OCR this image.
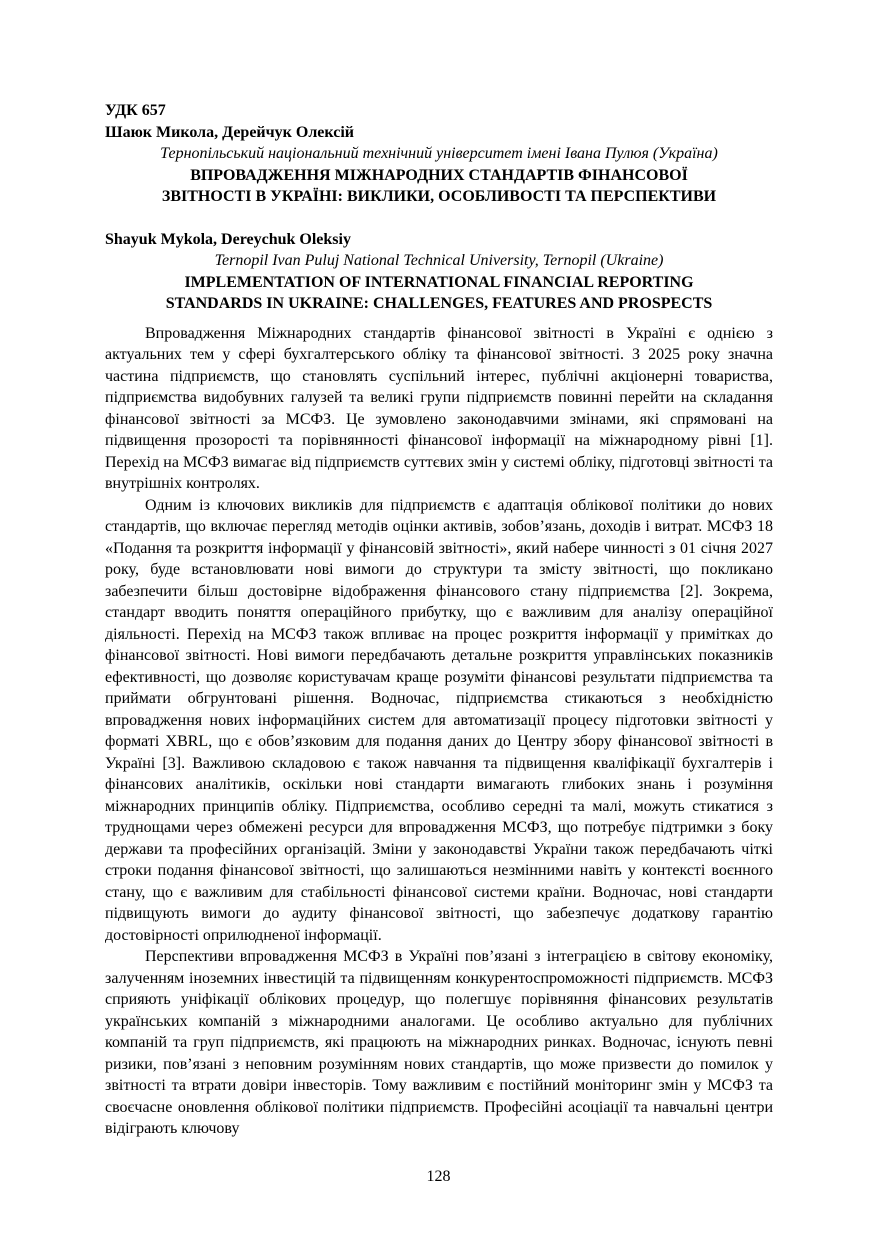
УДК 657
Шаюк Микола, Дерейчук Олексій
Тернопільський національний технічний університет імені Івана Пулюя (Україна)
ВПРОВАДЖЕННЯ МІЖНАРОДНИХ СТАНДАРТІВ ФІНАНСОВОЇ
ЗВІТНОСТІ В УКРАЇНІ: ВИКЛИКИ, ОСОБЛИВОСТІ ТА ПЕРСПЕКТИВИ
Shayuk Mykola, Dereychuk Oleksiy
Ternopil Ivan Puluj National Technical University, Ternopil (Ukraine)
IMPLEMENTATION OF INTERNATIONAL FINANCIAL REPORTING
STANDARDS IN UKRAINE: CHALLENGES, FEATURES AND PROSPECTS

Впровадження Міжнародних стандартів фінансової звітності в Україні є однією з актуальних тем у сфері бухгалтерського обліку та фінансової звітності. З 2025 року значна частина підприємств, що становлять суспільний інтерес, публічні акціонерні товариства, підприємства видобувних галузей та великі групи підприємств повинні перейти на складання фінансової звітності за МСФЗ. Це зумовлено законодавчими змінами, які спрямовані на підвищення прозорості та порівнянності фінансової інформації на міжнародному рівні [1]. Перехід на МСФЗ вимагає від підприємств суттєвих змін у системі обліку, підготовці звітності та внутрішніх контролях.

Одним із ключових викликів для підприємств є адаптація облікової політики до нових стандартів, що включає перегляд методів оцінки активів, зобов’язань, доходів і витрат. МСФЗ 18 «Подання та розкриття інформації у фінансовій звітності», який набере чинності з 01 січня 2027 року, буде встановлювати нові вимоги до структури та змісту звітності, що покликано забезпечити більш достовірне відображення фінансового стану підприємства [2]. Зокрема, стандарт вводить поняття операційного прибутку, що є важливим для аналізу операційної діяльності. Перехід на МСФЗ також впливає на процес розкриття інформації у примітках до фінансової звітності. Нові вимоги передбачають детальне розкриття управлінських показників ефективності, що дозволяє користувачам краще розуміти фінансові результати підприємства та приймати обгрунтовані рішення. Водночас, підприємства стикаються з необхідністю впровадження нових інформаційних систем для автоматизації процесу підготовки звітності у форматі XBRL, що є обов’язковим для подання даних до Центру збору фінансової звітності в Україні [3]. Важливою складовою є також навчання та підвищення кваліфікації бухгалтерів і фінансових аналітиків, оскільки нові стандарти вимагають глибоких знань і розуміння міжнародних принципів обліку. Підприємства, особливо середні та малі, можуть стикатися з труднощами через обмежені ресурси для впровадження МСФЗ, що потребує підтримки з боку держави та професійних організацій. Зміни у законодавстві України також передбачають чіткі строки подання фінансової звітності, що залишаються незмінними навіть у контексті воєнного стану, що є важливим для стабільності фінансової системи країни. Водночас, нові стандарти підвищують вимоги до аудиту фінансової звітності, що забезпечує додаткову гарантію достовірності оприлюдненої інформації.

Перспективи впровадження МСФЗ в Україні пов’язані з інтеграцією в світову економіку, залученням іноземних інвестицій та підвищенням конкурентоспроможності підприємств. МСФЗ сприяють уніфікації облікових процедур, що полегшує порівняння фінансових результатів українських компаній з міжнародними аналогами. Це особливо актуально для публічних компаній та груп підприємств, які працюють на міжнародних ринках. Водночас, існують певні ризики, пов’язані з неповним розумінням нових стандартів, що може призвести до помилок у звітності та втрати довіри інвесторів. Тому важливим є постійний моніторинг змін у МСФЗ та своєчасне оновлення облікової політики підприємств. Професійні асоціації та навчальні центри відіграють ключову

128
